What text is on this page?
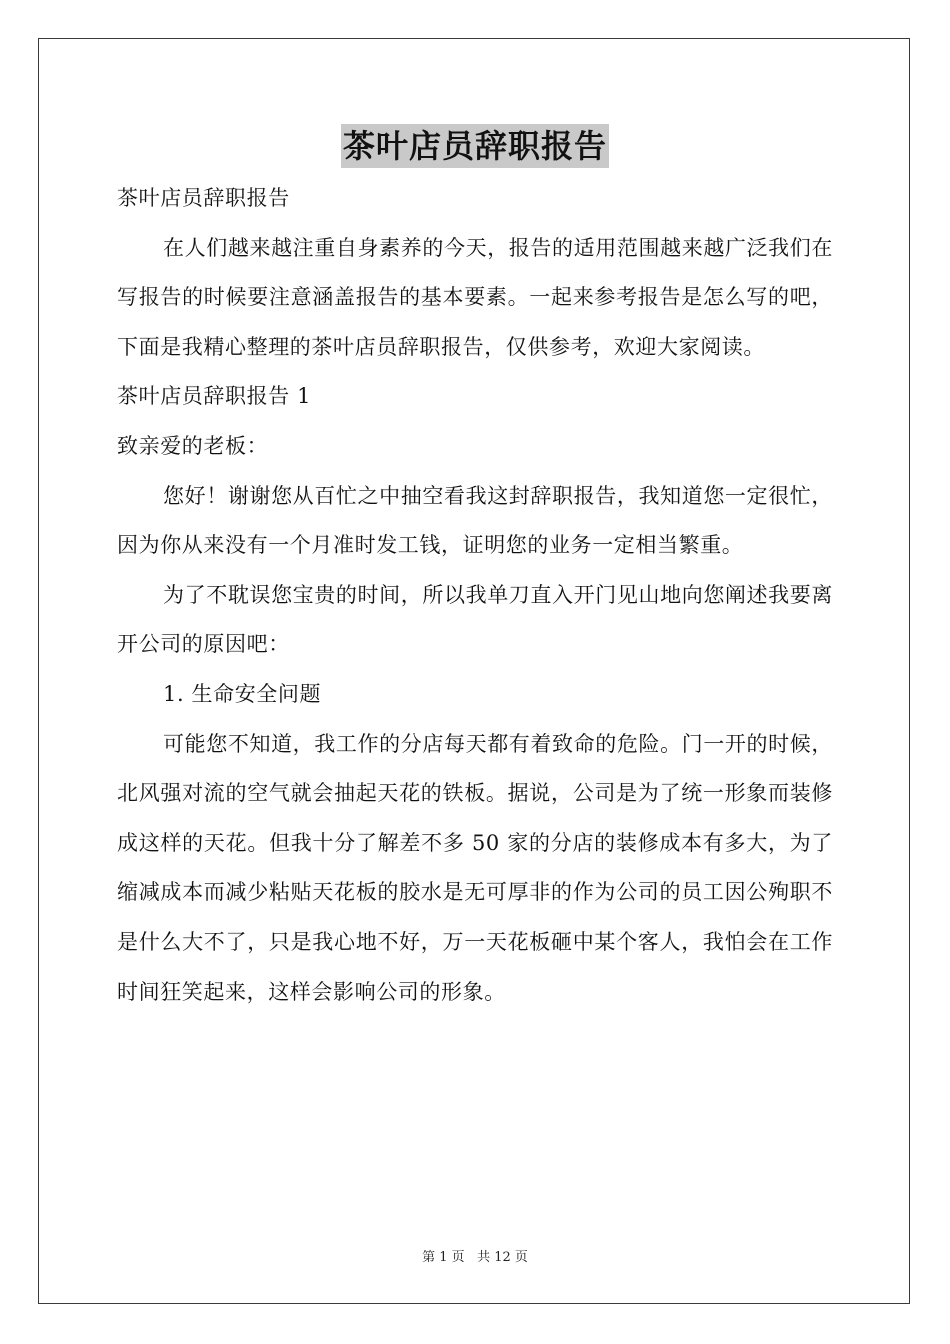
茶叶店员辞职报告

茶叶店员辞职报告

在人们越来越注重自身素养的今天，报告的适用范围越来越广泛我们在写报告的时候要注意涵盖报告的基本要素。一起来参考报告是怎么写的吧，下面是我精心整理的茶叶店员辞职报告，仅供参考，欢迎大家阅读。

茶叶店员辞职报告 1

致亲爱的老板：

您好！谢谢您从百忙之中抽空看我这封辞职报告，我知道您一定很忙，因为你从来没有一个月准时发工钱，证明您的业务一定相当繁重。

为了不耽误您宝贵的时间，所以我单刀直入开门见山地向您阐述我要离开公司的原因吧：

1. 生命安全问题

可能您不知道，我工作的分店每天都有着致命的危险。门一开的时候，北风强对流的空气就会抽起天花的铁板。据说，公司是为了统一形象而装修成这样的天花。但我十分了解差不多 50 家的分店的装修成本有多大，为了缩减成本而减少粘贴天花板的胶水是无可厚非的作为公司的员工因公殉职不是什么大不了，只是我心地不好，万一天花板砸中某个客人，我怕会在工作时间狂笑起来，这样会影响公司的形象。

第 1 页 共 12 页
